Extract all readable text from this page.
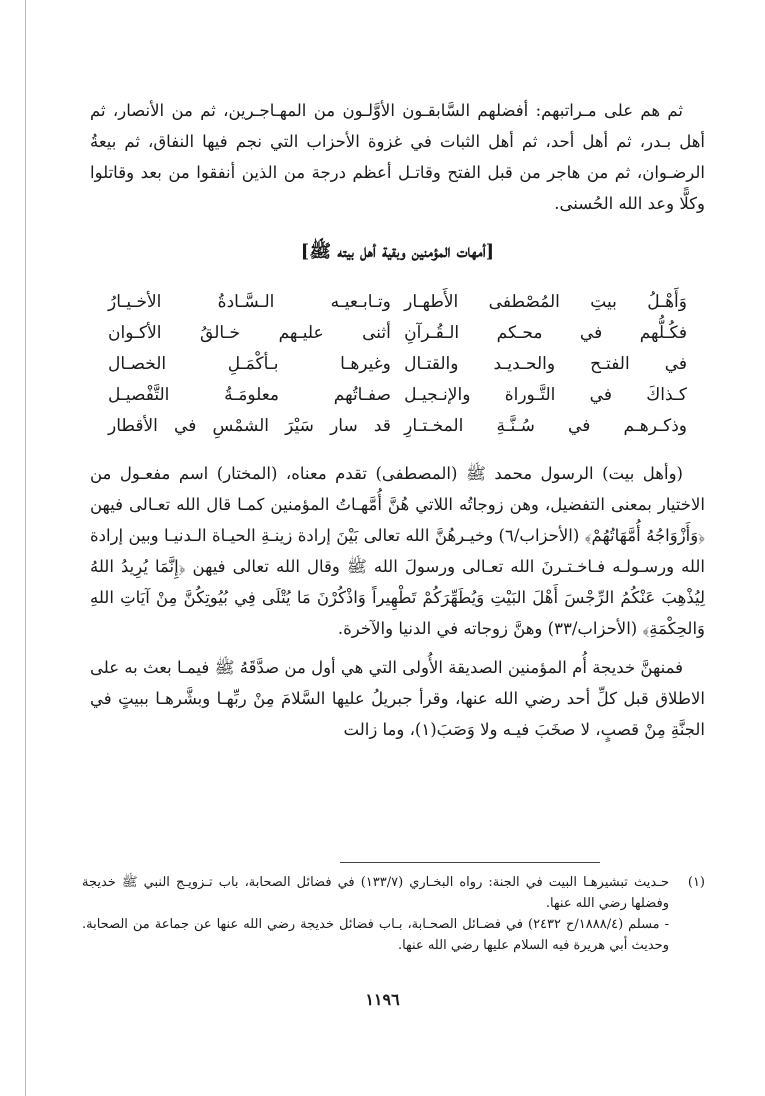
ثم هم على مـراتبهم: أفضلهم السَّابقـون الأوَّلـون من المهـاجـرين، ثم من الأنصار، ثم أهل بـدر، ثم أهل أحد، ثم أهل الثبات في غزوة الأحزاب التي نجم فيها النفاق، ثم بيعةُ الرضـوان، ثم من هاجر من قبل الفتح وقاتـل أعظم درجة من الذين أنفقوا من بعد وقاتلوا وكلًّا وعد الله الحُسنى.

[أمهات المؤمنين وبقية أهل بيته ﷺ]
وَأَهْـلُ بيتِ المُصْطفى الأَطهـار
وتـابـعيـه الـسَّـادةُ الأخـيـارُ
فكُـلُّهم في محـكم الـقُـرآنِ
أثنى عليـهم خـالقُ الأكـوان
في الفتـح والحـديـد والقتـال
وغيرهـا بـأكْمَـلِ الخصـال
كـذاكَ في التَّـوراة والإنـجيـل
صفـاتُهم معلومَـةُ التَّفْصيـل
وذكـرهـم في سُـنَّـةِ المخـتـارِ
قد سار سَيْرَ الشمْسِ في الأقطار

(وأهل بيت) الرسول محمد ﷺ (المصطفى) تقدم معناه، (المختار) اسم مفعـول من الاختيار بمعنى التفضيل، وهن زوجاتُه اللاتي هُنَّ أُمَّهـاتُ المؤمنين كمـا قال الله تعـالى فيهن ﴿وَأَزْوَاجُهُ أُمَّهَاتُهُمْ﴾ (الأحزاب/٦) وخيـرهُنَّ الله تعالى بَيْنَ إرادة زينـةِ الحيـاة الـدنيـا وبين إرادة الله ورسـولـه فـاخـتـرنَ الله تعـالى ورسولَ الله ﷺ وقال الله تعالى فيهن ﴿إِنَّمَا يُرِيدُ اللهُ لِيُذْهِبَ عَنْكُمُ الرِّجْسَ أَهْلَ البَيْتِ وَيُطَهِّرَكُمْ تَطْهِيراً وَاذْكُرْنَ مَا يُتْلَى فِي بُيُوتِكُنَّ مِنْ آيَاتِ اللهِ وَالحِكْمَةِ﴾ (الأحزاب/٣٣) وهنَّ زوجاته في الدنيا والآخرة.

فمنهنَّ خديجة أُم المؤمنين الصديقة الأُولى التي هي أول من صدَّقَهُ ﷺ فيمـا بعث به على الاطلاق قبل كلِّ أحد رضي الله عنها، وقرأ جبريلُ عليها السَّلامَ مِنْ ربِّهـا وبشَّرهـا ببيتٍ في الجنَّةِ مِنْ قصبٍ، لا صخَبَ فيـه ولا وَصَبَ(١)، وما زالت

(١)
حـديث تبشيرهـا البيت في الجنة: رواه البخـاري (١٣٣/٧) في فضائل الصحابة، باب تـزويـج النبي ﷺ خديجة وفضلها رضي الله عنها.
- مسلم (١٨٨٨/٤/ح ٢٤٣٢) في فضـائل الصحـابة، بـاب فضائل خديجة رضي الله عنها عن جماعة من الصحابة. وحديث أبي هريرة فيه السلام عليها رضي الله عنها.
١١٩٦
